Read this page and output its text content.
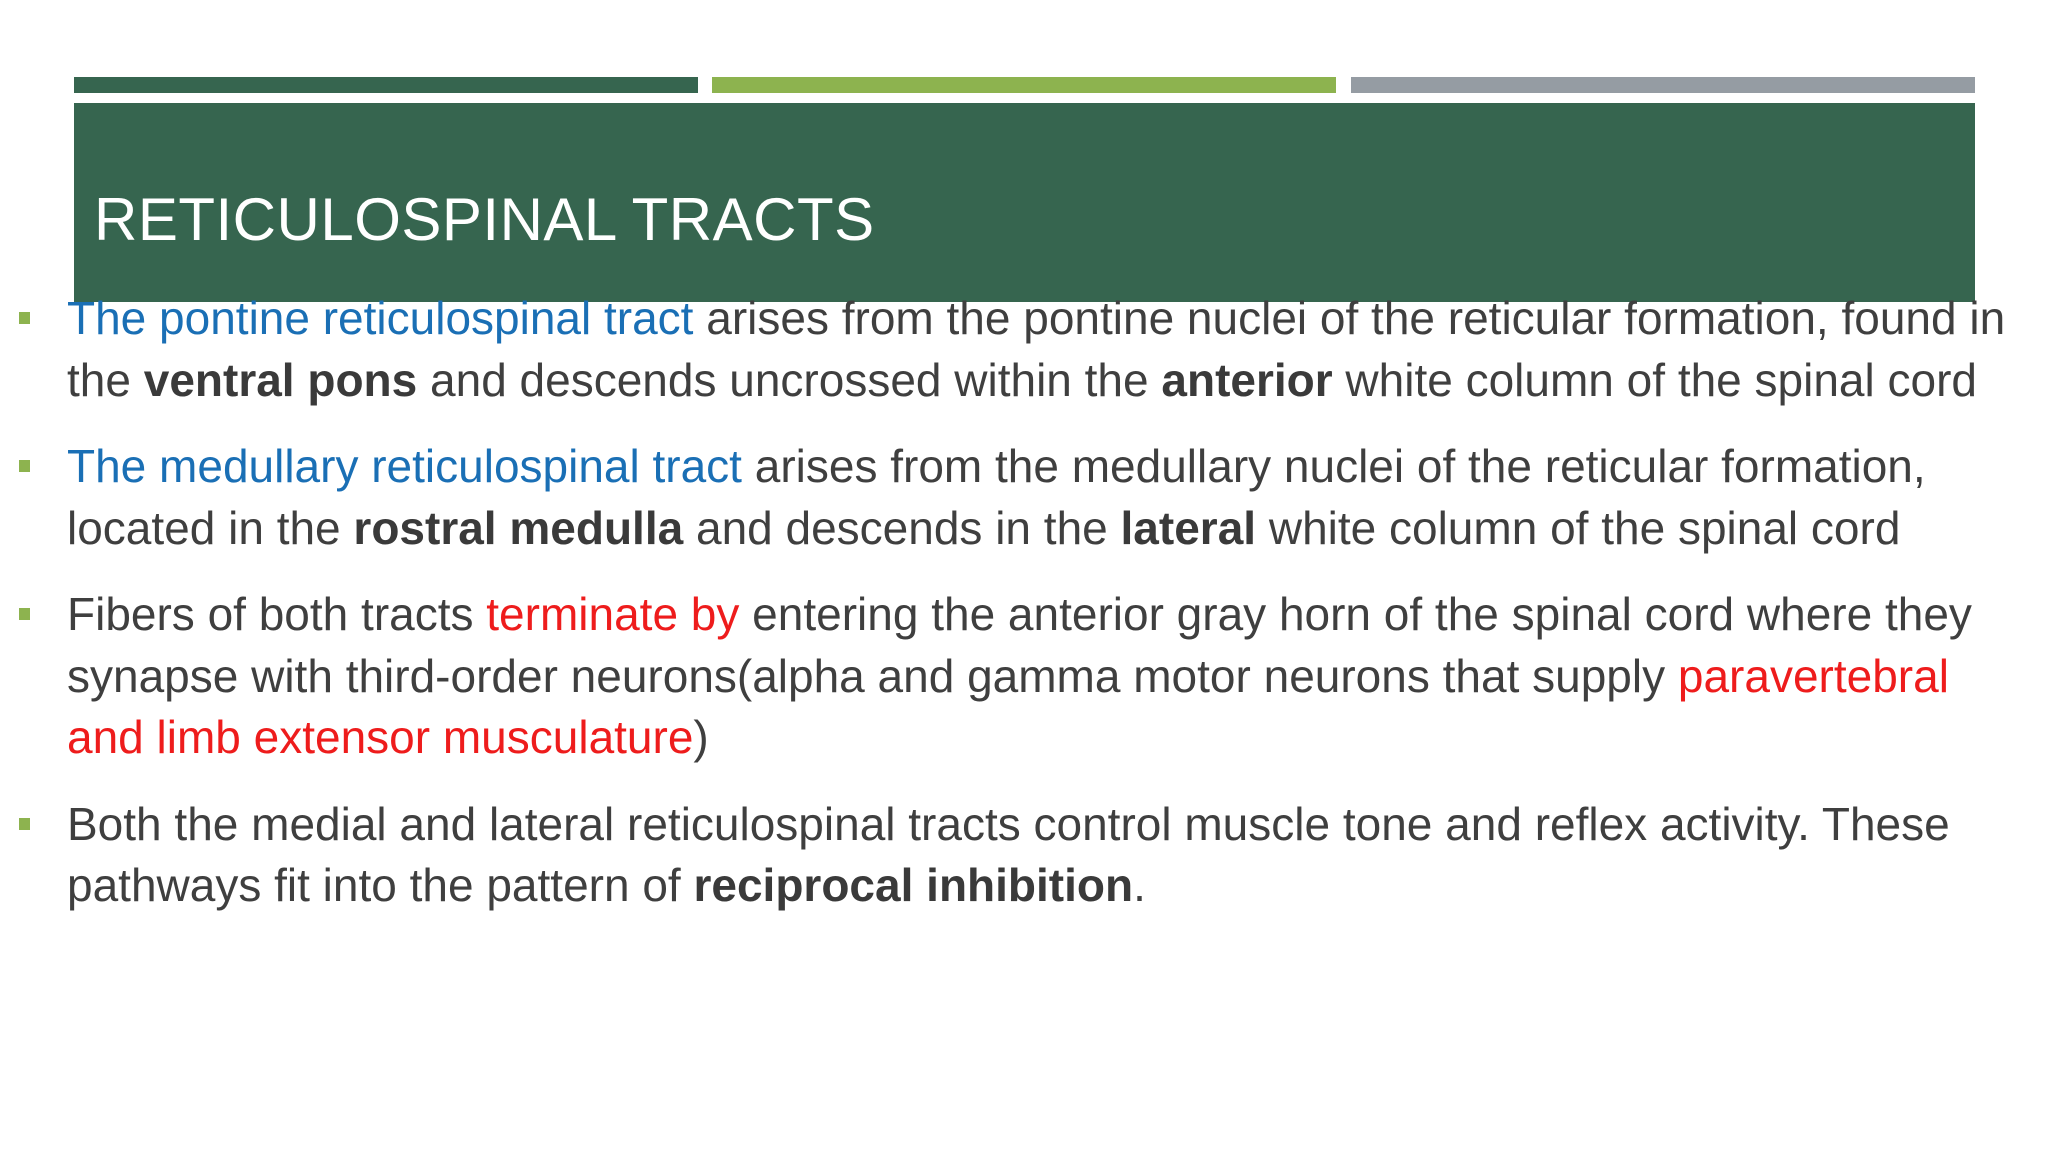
RETICULOSPINAL TRACTS
The pontine reticulospinal tract arises from the pontine nuclei of the reticular formation, found in the ventral pons and descends uncrossed within the anterior white column of the spinal cord
The medullary reticulospinal tract arises from the medullary nuclei of the reticular formation, located in the rostral medulla and descends in the lateral white column of the spinal cord
Fibers of both tracts terminate by entering the anterior gray horn of the spinal cord where they synapse with third-order neurons(alpha and gamma motor neurons that supply paravertebral and limb extensor musculature)
Both the medial and lateral reticulospinal tracts control muscle tone and reflex activity. These pathways fit into the pattern of reciprocal inhibition.
